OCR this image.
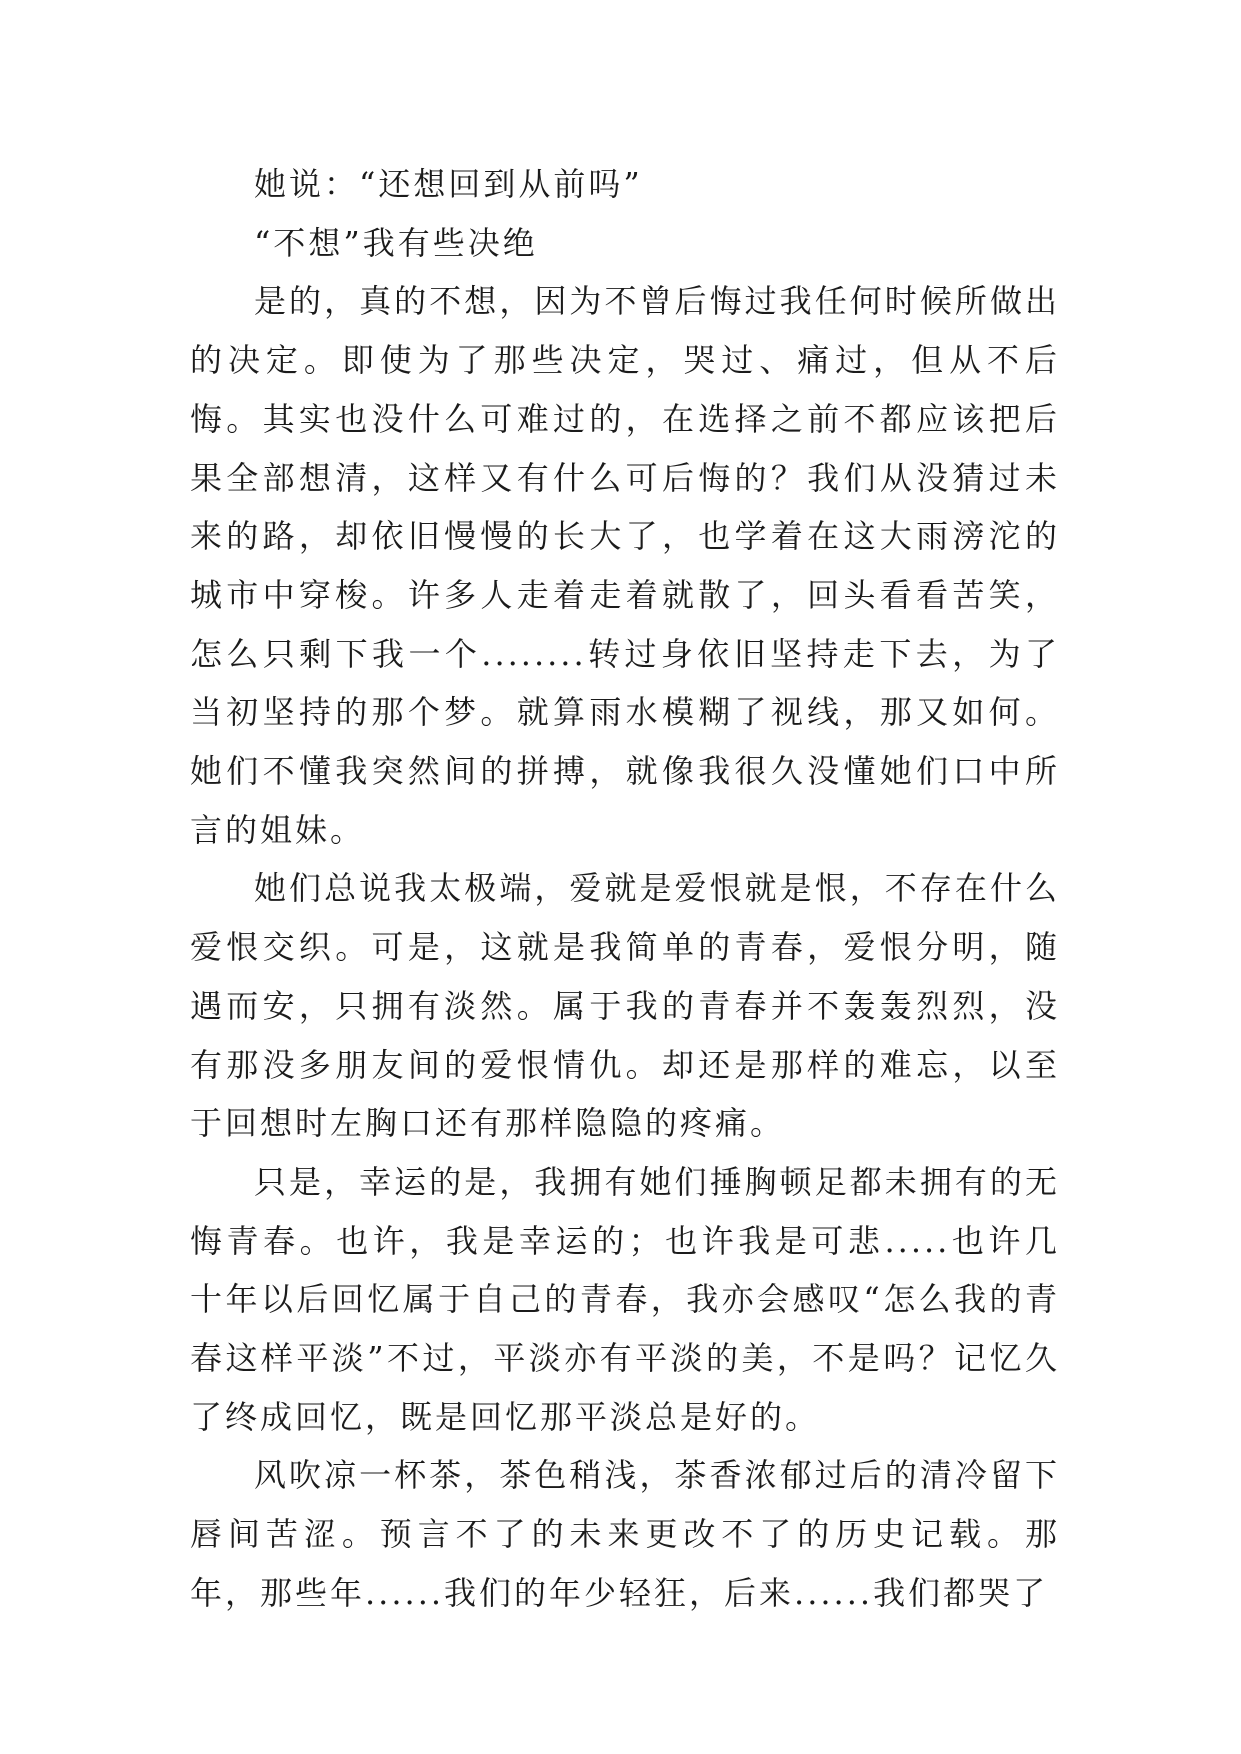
她说：“还想回到从前吗”

“不想”我有些决绝

是的，真的不想，因为不曾后悔过我任何时候所做出的决定。即使为了那些决定，哭过、痛过，但从不后悔。其实也没什么可难过的，在选择之前不都应该把后果全部想清，这样又有什么可后悔的？我们从没猜过未来的路，却依旧慢慢的长大了，也学着在这大雨滂沱的城市中穿梭。许多人走着走着就散了，回头看看苦笑，怎么只剩下我一个........转过身依旧坚持走下去，为了当初坚持的那个梦。就算雨水模糊了视线，那又如何。她们不懂我突然间的拼搏，就像我很久没懂她们口中所言的姐妹。

她们总说我太极端，爱就是爱恨就是恨，不存在什么爱恨交织。可是，这就是我简单的青春，爱恨分明，随遇而安，只拥有淡然。属于我的青春并不轰轰烈烈，没有那没多朋友间的爱恨情仇。却还是那样的难忘，以至于回想时左胸口还有那样隐隐的疼痛。

只是，幸运的是，我拥有她们捶胸顿足都未拥有的无悔青春。也许，我是幸运的；也许我是可悲.....也许几十年以后回忆属于自己的青春，我亦会感叹“怎么我的青春这样平淡”不过，平淡亦有平淡的美，不是吗？记忆久了终成回忆，既是回忆那平淡总是好的。

风吹凉一杯茶，茶色稍浅，茶香浓郁过后的清冷留下唇间苦涩。预言不了的未来更改不了的历史记载。那年，那些年......我们的年少轻狂，后来......我们都哭了
